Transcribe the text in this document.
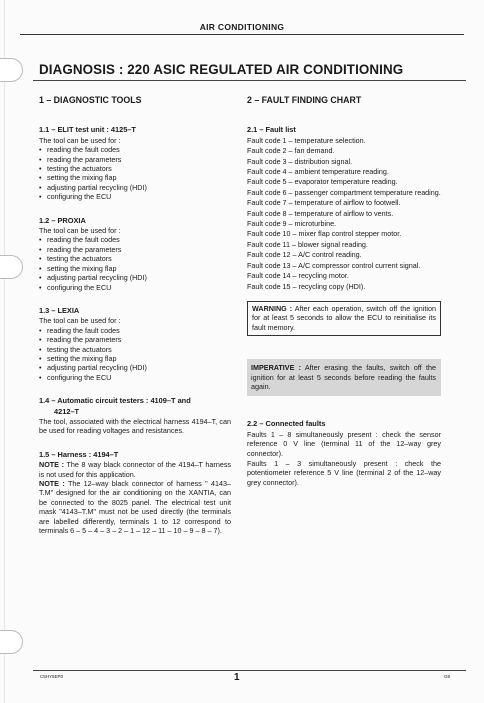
AIR CONDITIONING
DIAGNOSIS : 220 ASIC REGULATED AIR CONDITIONING
1 – DIAGNOSTIC TOOLS
1.1 – ELIT test unit : 4125–T

The tool can be used for :

• reading the fault codes
• reading the parameters
• testing the actuators
• setting the mixing flap
• adjusting partial recycling (HDI)
• configuring the ECU
1.2 – PROXIA

The tool can be used for :

• reading the fault codes
• reading the parameters
• testing the actuators
• setting the mixing flap
• adjusting partial recycling (HDI)
• configuring the ECU
1.3 – LEXIA

The tool can be used for :

• reading the fault codes
• reading the parameters
• testing the actuators
• setting the mixing flap
• adjusting partial recycling (HDI)
• configuring the ECU
1.4 – Automatic circuit testers : 4109–T and
4212–T

The tool, associated with the electrical harness 4194–T, can be used for reading voltages and resistances.

1.5 – Harness : 4194–T

NOTE : The 8 way black connector of the 4194–T harness is not used for this application.

NOTE : The 12–way black connector of harness " 4143–T.M" designed for the air conditioning on the XANTIA, can be connected to the 8025 panel. The electrical test unit mask "4143–T.M" must not be used directly (the terminals are labelled differently, terminals 1 to 12 correspond to terminals 6 – 5 – 4 – 3 – 2 – 1 – 12 – 11 – 10 – 9 – 8 – 7).

2 – FAULT FINDING CHART
2.1 – Fault list

Fault code 1 – temperature selection.

Fault code 2 – fan demand.

Fault code 3 – distribution signal.

Fault code 4 – ambient temperature reading.

Fault code 5 – evaporator temperature reading.

Fault code 6 – passenger compartment temperature reading.

Fault code 7 – temperature of airflow to footwell.

Fault code 8 – temperature of airflow to vents.

Fault code 9 – microturbine.

Fault code 10 – mixer flap control stepper motor.

Fault code 11 – blower signal reading.

Fault code 12 – A/C control reading.

Fault code 13 – A/C compressor control current signal.

Fault code 14 – recycling motor.

Fault code 15 – recycling copy (HDI).

WARNING : After each operation, switch off the ignition for at least 5 seconds to allow the ECU to reinitialise its fault memory.
IMPERATIVE : After erasing the faults, switch off the ignition for at least 5 seconds before reading the faults again.
2.2 – Connected faults

Faults 1 – 8 simultaneously present : check the sensor reference 0 V line (terminal 11 of the 12–way grey connector).

Faults 1 – 3 simultaneously present : check the potentiometer reference 5 V line (terminal 2 of the 12–way grey connector).

C5HY5EP0	1	G8
